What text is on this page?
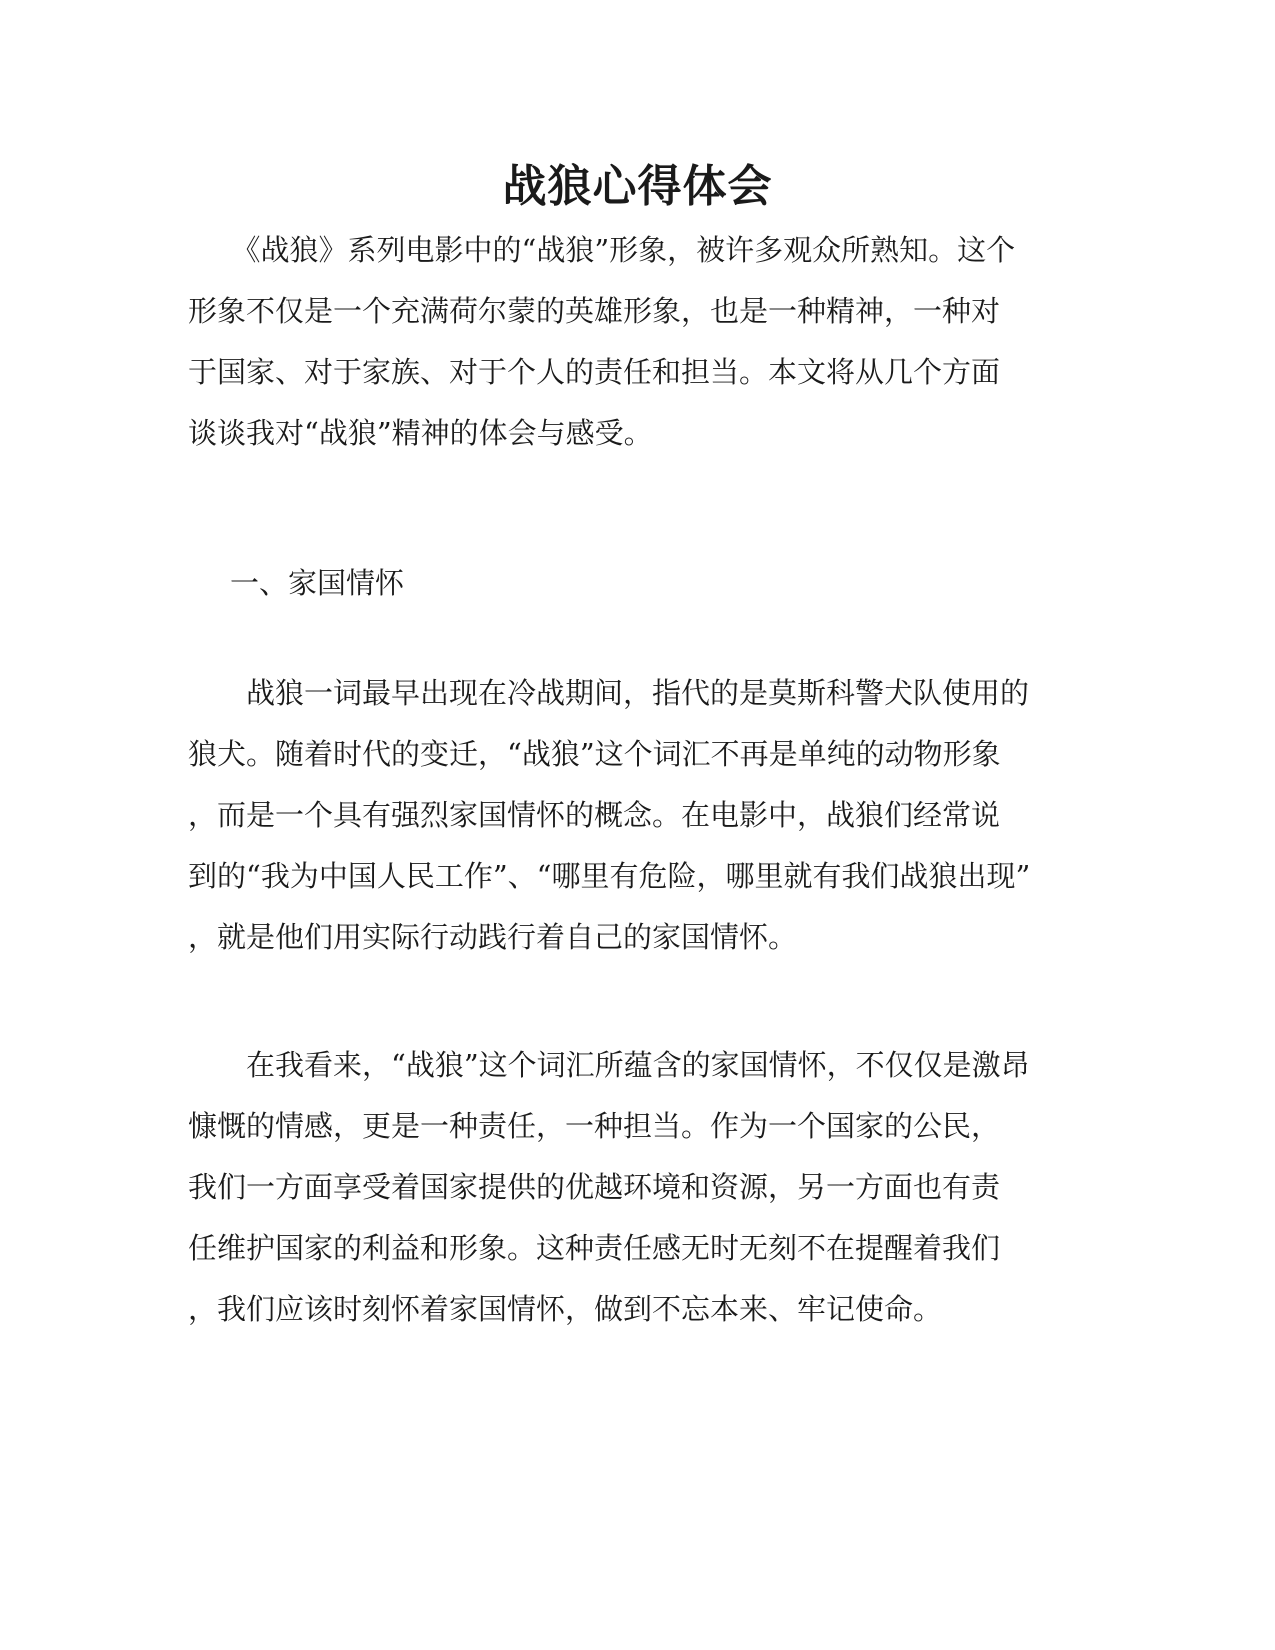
战狼心得体会
　　《战狼》系列电影中的“战狼”形象，被许多观众所熟知。这个
形象不仅是一个充满荷尔蒙的英雄形象，也是一种精神，一种对
于国家、对于家族、对于个人的责任和担当。本文将从几个方面
谈谈我对“战狼”精神的体会与感受。
一、家国情怀
　　战狼一词最早出现在冷战期间，指代的是莫斯科警犬队使用的
狼犬。随着时代的变迁，“战狼”这个词汇不再是单纯的动物形象
，而是一个具有强烈家国情怀的概念。在电影中，战狼们经常说
到的“我为中国人民工作”、“哪里有危险，哪里就有我们战狼出现”
，就是他们用实际行动践行着自己的家国情怀。
　　在我看来，“战狼”这个词汇所蕴含的家国情怀，不仅仅是激昂
慷慨的情感，更是一种责任，一种担当。作为一个国家的公民，
我们一方面享受着国家提供的优越环境和资源，另一方面也有责
任维护国家的利益和形象。这种责任感无时无刻不在提醒着我们
，我们应该时刻怀着家国情怀，做到不忘本来、牢记使命。
